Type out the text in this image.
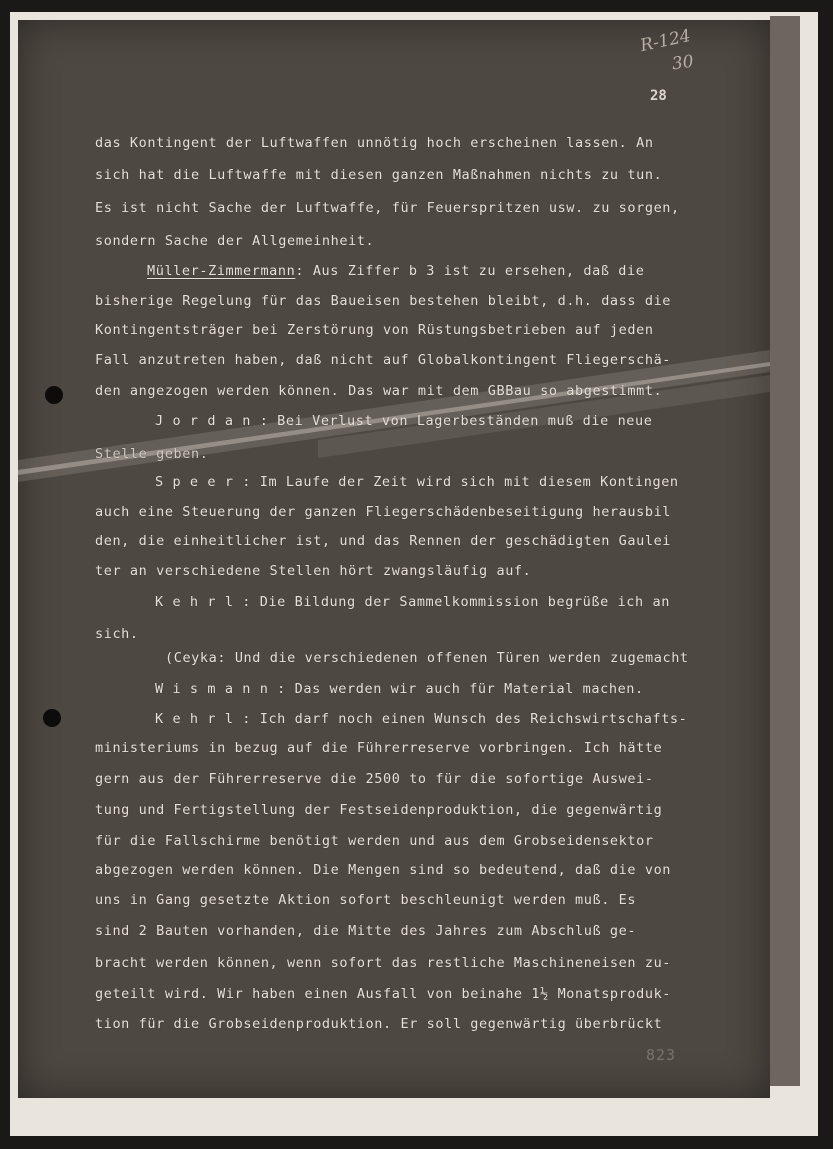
R-124
30
28
das Kontingent der Luftwaffen unnötig hoch erscheinen lassen. An
sich hat die Luftwaffe mit diesen ganzen Maßnahmen nichts zu tun.
Es ist nicht Sache der Luftwaffe, für Feuerspritzen usw. zu sorgen,
sondern Sache der Allgemeinheit.
Müller-Zimmermann: Aus Ziffer b 3 ist zu ersehen, daß die
bisherige Regelung für das Baueisen bestehen bleibt, d.h. dass die
Kontingentsträger bei Zerstörung von Rüstungsbetrieben auf jeden
Fall anzutreten haben, daß nicht auf Globalkontingent Fliegerschä-
den angezogen werden können. Das war mit dem GBBau so abgestimmt.
J o r d a n : Bei Verlust von Lagerbeständen muß die neue
Stelle geben.
S p e e r : Im Laufe der Zeit wird sich mit diesem Kontingen
auch eine Steuerung der ganzen Fliegerschädenbeseitigung herausbil
den, die einheitlicher ist, und das Rennen der geschädigten Gaulei
ter an verschiedene Stellen hört zwangsläufig auf.
K e h r l : Die Bildung der Sammelkommission begrüße ich an
sich.
(Ceyka: Und die verschiedenen offenen Türen werden zugemacht
W i s m a n n : Das werden wir auch für Material machen.
K e h r l : Ich darf noch einen Wunsch des Reichswirtschafts-
ministeriums in bezug auf die Führerreserve vorbringen. Ich hätte
gern aus der Führerreserve die 2500 to für die sofortige Auswei-
tung und Fertigstellung der Festseidenproduktion, die gegenwärtig
für die Fallschirme benötigt werden und aus dem Grobseidensektor
abgezogen werden können. Die Mengen sind so bedeutend, daß die von
uns in Gang gesetzte Aktion sofort beschleunigt werden muß. Es
sind 2 Bauten vorhanden, die Mitte des Jahres zum Abschluß ge-
bracht werden können, wenn sofort das restliche Maschineneisen zu-
geteilt wird. Wir haben einen Ausfall von beinahe 1½ Monatsproduk-
tion für die Grobseidenproduktion. Er soll gegenwärtig überbrückt
823
